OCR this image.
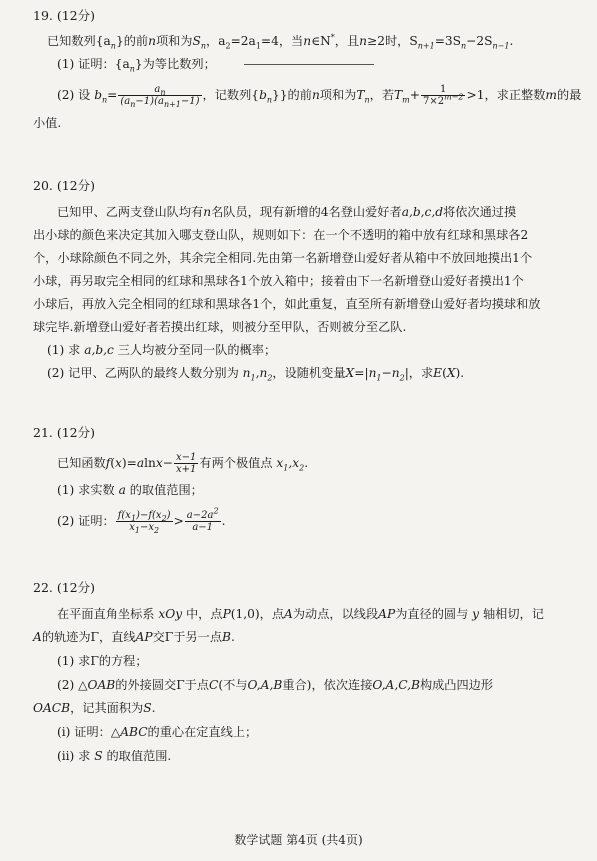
19. (12分)
已知数列$\{a_n\}$的前n项和为$S_n$，$a_2=2a_1=4$，当n∈N*，且n≥2时，$S_{n+1}=3S_n-2S_{n-1}$.
(1) 证明：$\{a_n\}$为等比数列；
(2) 设 $b_n= \frac{a_n}{(a_n-1)(a_{n+1}-1)}$ ，记数列$\{b_n\}$}的前n项和为$T_n$，若$T_m+ \frac{1}{7\times 2^{m-2}} >1$，求正整数m的最
小值.
20. (12分)
已知甲、乙两支登山队均有n名队员，现有新增的4名登山爱好者a,b,c,d将依次通过摸
出小球的颜色来决定其加入哪支登山队，规则如下：在一个不透明的箱中放有红球和黑球各2
个，小球除颜色不同之外，其余完全相同.先由第一名新增登山爱好者从箱中不放回地摸出1个
小球，再另取完全相同的红球和黑球各1个放入箱中；接着由下一名新增登山爱好者摸出1个
小球后，再放入完全相同的红球和黑球各1个，如此重复，直至所有新增登山爱好者均摸球和放
球完毕.新增登山爱好者若摸出红球，则被分至甲队，否则被分至乙队.
(1) 求 a,b,c 三人均被分至同一队的概率；
(2) 记甲、乙两队的最终人数分别为 $n_1,n_2$，设随机变量$X=|n_1-n_2|$，求E(X).
21. (12分)
已知函数$f(x)=alnx- \frac{x-1}{x+1}$ 有两个极值点 $x_1,x_2$.
(1) 求实数 a 的取值范围；
(2) 证明： $\frac{f(x_1)-f(x_2)}{x_1-x_2} > \frac{a-2a^2}{a-1}$ .
22. (12分)
在平面直角坐标系 xOy 中，点P(1,0)，点A为动点，以线段AP为直径的圆与 y 轴相切，记
A的轨迹为Γ，直线AP交Γ于另一点B.
(1) 求Γ的方程；
(2) △OAB的外接圆交Γ于点C(不与O,A,B重合)，依次连接O,A,C,B构成凸四边形
OACB，记其面积为S.
(i) 证明：△ABC的重心在定直线上；
(ii) 求 S 的取值范围.
数学试题 第4页 (共4页)
